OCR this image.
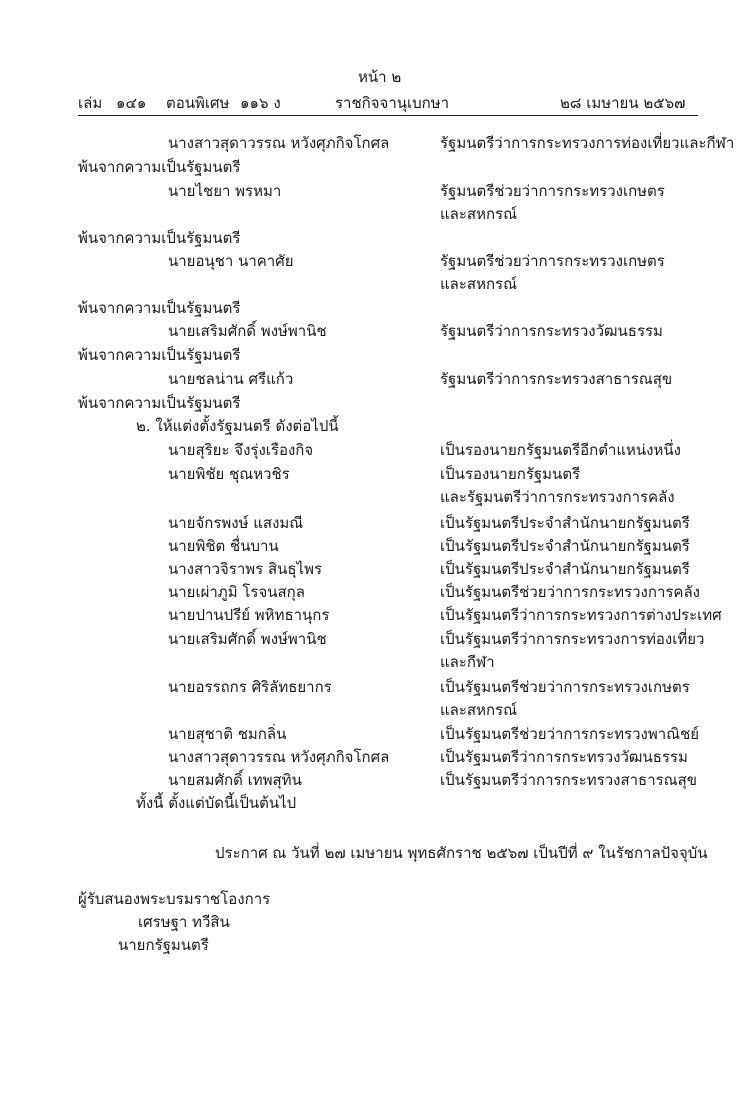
หน้า ๒
เล่ม ๑๔๑ ตอนพิเศษ ๑๑๖ ง	ราชกิจจานุเบกษา	๒๘ เมษายน ๒๕๖๗
นางสาวสุดาวรรณ หวังศุภกิจโกศล	รัฐมนตรีว่าการกระทรวงการท่องเที่ยวและกีฬา
พ้นจากความเป็นรัฐมนตรี
นายไชยา พรหมา	รัฐมนตรีช่วยว่าการกระทรวงเกษตร
และสหกรณ์
พ้นจากความเป็นรัฐมนตรี
นายอนุชา นาคาศัย	รัฐมนตรีช่วยว่าการกระทรวงเกษตร
และสหกรณ์
พ้นจากความเป็นรัฐมนตรี
นายเสริมศักดิ์ พงษ์พานิช	รัฐมนตรีว่าการกระทรวงวัฒนธรรม
พ้นจากความเป็นรัฐมนตรี
นายชลน่าน ศรีแก้ว	รัฐมนตรีว่าการกระทรวงสาธารณสุข
พ้นจากความเป็นรัฐมนตรี
๒. ให้แต่งตั้งรัฐมนตรี ดังต่อไปนี้
นายสุริยะ จึงรุ่งเรืองกิจ	เป็นรองนายกรัฐมนตรีอีกตำแหน่งหนึ่ง
นายพิชัย ชุณหวชิร	เป็นรองนายกรัฐมนตรี
และรัฐมนตรีว่าการกระทรวงการคลัง
นายจักรพงษ์ แสงมณี	เป็นรัฐมนตรีประจำสำนักนายกรัฐมนตรี
นายพิชิต ชื่นบาน	เป็นรัฐมนตรีประจำสำนักนายกรัฐมนตรี
นางสาวจิราพร สินธุไพร	เป็นรัฐมนตรีประจำสำนักนายกรัฐมนตรี
นายเผ่าภูมิ โรจนสกุล	เป็นรัฐมนตรีช่วยว่าการกระทรวงการคลัง
นายปานปรีย์ พหิทธานุกร	เป็นรัฐมนตรีว่าการกระทรวงการต่างประเทศ
นายเสริมศักดิ์ พงษ์พานิช	เป็นรัฐมนตรีว่าการกระทรวงการท่องเที่ยว
และกีฬา
นายอรรถกร ศิริลัทธยากร	เป็นรัฐมนตรีช่วยว่าการกระทรวงเกษตร
และสหกรณ์
นายสุชาติ ชมกลิ่น	เป็นรัฐมนตรีช่วยว่าการกระทรวงพาณิชย์
นางสาวสุดาวรรณ หวังศุภกิจโกศล	เป็นรัฐมนตรีว่าการกระทรวงวัฒนธรรม
นายสมศักดิ์ เทพสุทิน	เป็นรัฐมนตรีว่าการกระทรวงสาธารณสุข
ทั้งนี้ ตั้งแต่บัดนี้เป็นต้นไป
ประกาศ ณ วันที่ ๒๗ เมษายน พุทธศักราช ๒๕๖๗ เป็นปีที่ ๙ ในรัชกาลปัจจุบัน
ผู้รับสนองพระบรมราชโองการ
เศรษฐา ทวีสิน
นายกรัฐมนตรี
